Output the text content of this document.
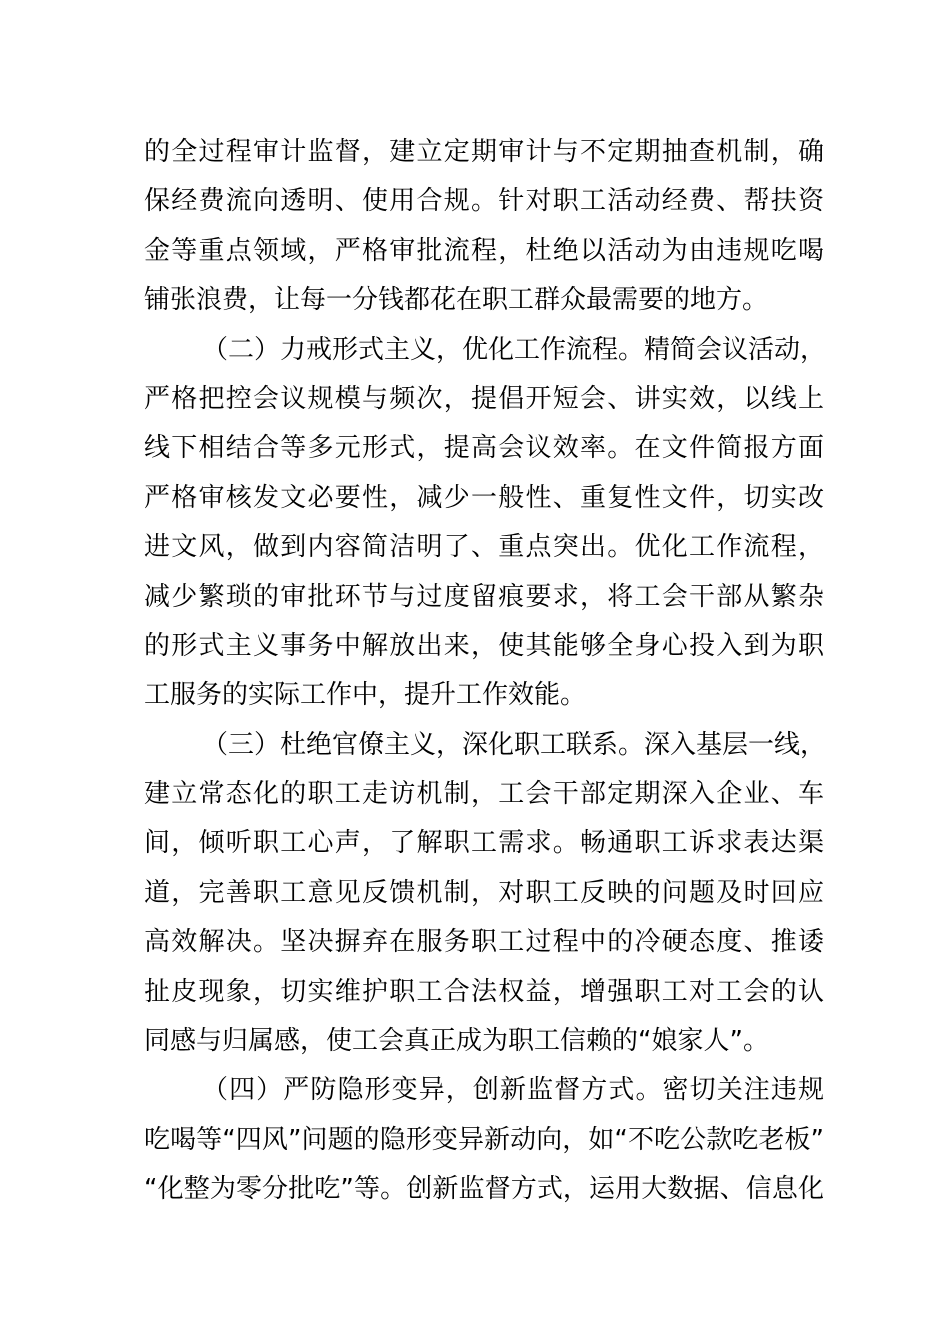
的全过程审计监督，建立定期审计与不定期抽查机制，确
保经费流向透明、使用合规。针对职工活动经费、帮扶资
金等重点领域，严格审批流程，杜绝以活动为由违规吃喝
铺张浪费，让每一分钱都花在职工群众最需要的地方。
（二）力戒形式主义，优化工作流程。精简会议活动，
严格把控会议规模与频次，提倡开短会、讲实效，以线上
线下相结合等多元形式，提高会议效率。在文件简报方面
严格审核发文必要性，减少一般性、重复性文件，切实改
进文风，做到内容简洁明了、重点突出。优化工作流程，
减少繁琐的审批环节与过度留痕要求，将工会干部从繁杂
的形式主义事务中解放出来，使其能够全身心投入到为职
工服务的实际工作中，提升工作效能。
（三）杜绝官僚主义，深化职工联系。深入基层一线，
建立常态化的职工走访机制，工会干部定期深入企业、车
间，倾听职工心声，了解职工需求。畅通职工诉求表达渠
道，完善职工意见反馈机制，对职工反映的问题及时回应
高效解决。坚决摒弃在服务职工过程中的冷硬态度、推诿
扯皮现象，切实维护职工合法权益，增强职工对工会的认
同感与归属感，使工会真正成为职工信赖的“娘家人”。
（四）严防隐形变异，创新监督方式。密切关注违规
吃喝等“四风”问题的隐形变异新动向，如“不吃公款吃老板”
“化整为零分批吃”等。创新监督方式，运用大数据、信息化
